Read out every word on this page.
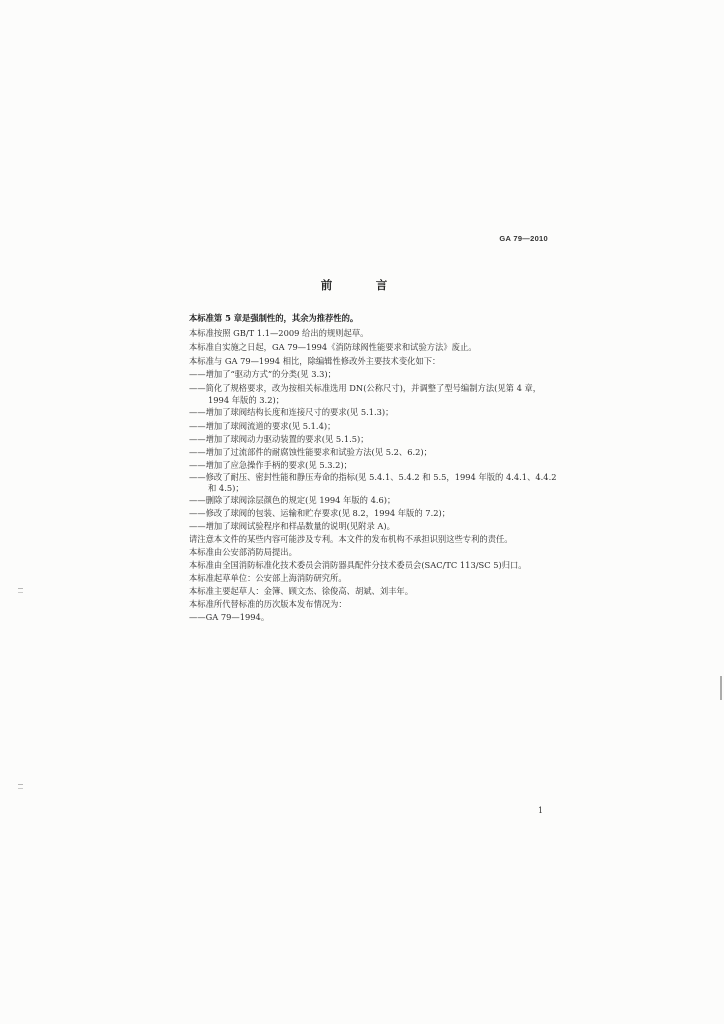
GA 79—2010
前　言
本标准第 5 章是强制性的，其余为推荐性的。
本标准按照 GB/T 1.1—2009 给出的规则起草。
本标准自实施之日起，GA 79—1994《消防球阀性能要求和试验方法》废止。
本标准与 GA 79—1994 相比，除编辑性修改外主要技术变化如下：
——增加了“驱动方式”的分类(见 3.3)；
——简化了规格要求，改为按相关标准选用 DN(公称尺寸)，并调整了型号编制方法(见第 4 章，
1994 年版的 3.2)；
——增加了球阀结构长度和连接尺寸的要求(见 5.1.3)；
——增加了球阀流道的要求(见 5.1.4)；
——增加了球阀动力驱动装置的要求(见 5.1.5)；
——增加了过流部件的耐腐蚀性能要求和试验方法(见 5.2、6.2)；
——增加了应急操作手柄的要求(见 5.3.2)；
——修改了耐压、密封性能和静压寿命的指标(见 5.4.1、5.4.2 和 5.5，1994 年版的 4.4.1、4.4.2
和 4.5)；
——删除了球阀涂层颜色的规定(见 1994 年版的 4.6)；
——修改了球阀的包装、运输和贮存要求(见 8.2，1994 年版的 7.2)；
——增加了球阀试验程序和样品数量的说明(见附录 A)。
请注意本文件的某些内容可能涉及专利。本文件的发布机构不承担识别这些专利的责任。
本标准由公安部消防局提出。
本标准由全国消防标准化技术委员会消防器具配件分技术委员会(SAC/TC 113/SC 5)归口。
本标准起草单位：公安部上海消防研究所。
本标准主要起草人：金簿、顾文杰、徐俊高、胡斌、刘丰年。
本标准所代替标准的历次版本发布情况为：
——GA 79—1994。
1
